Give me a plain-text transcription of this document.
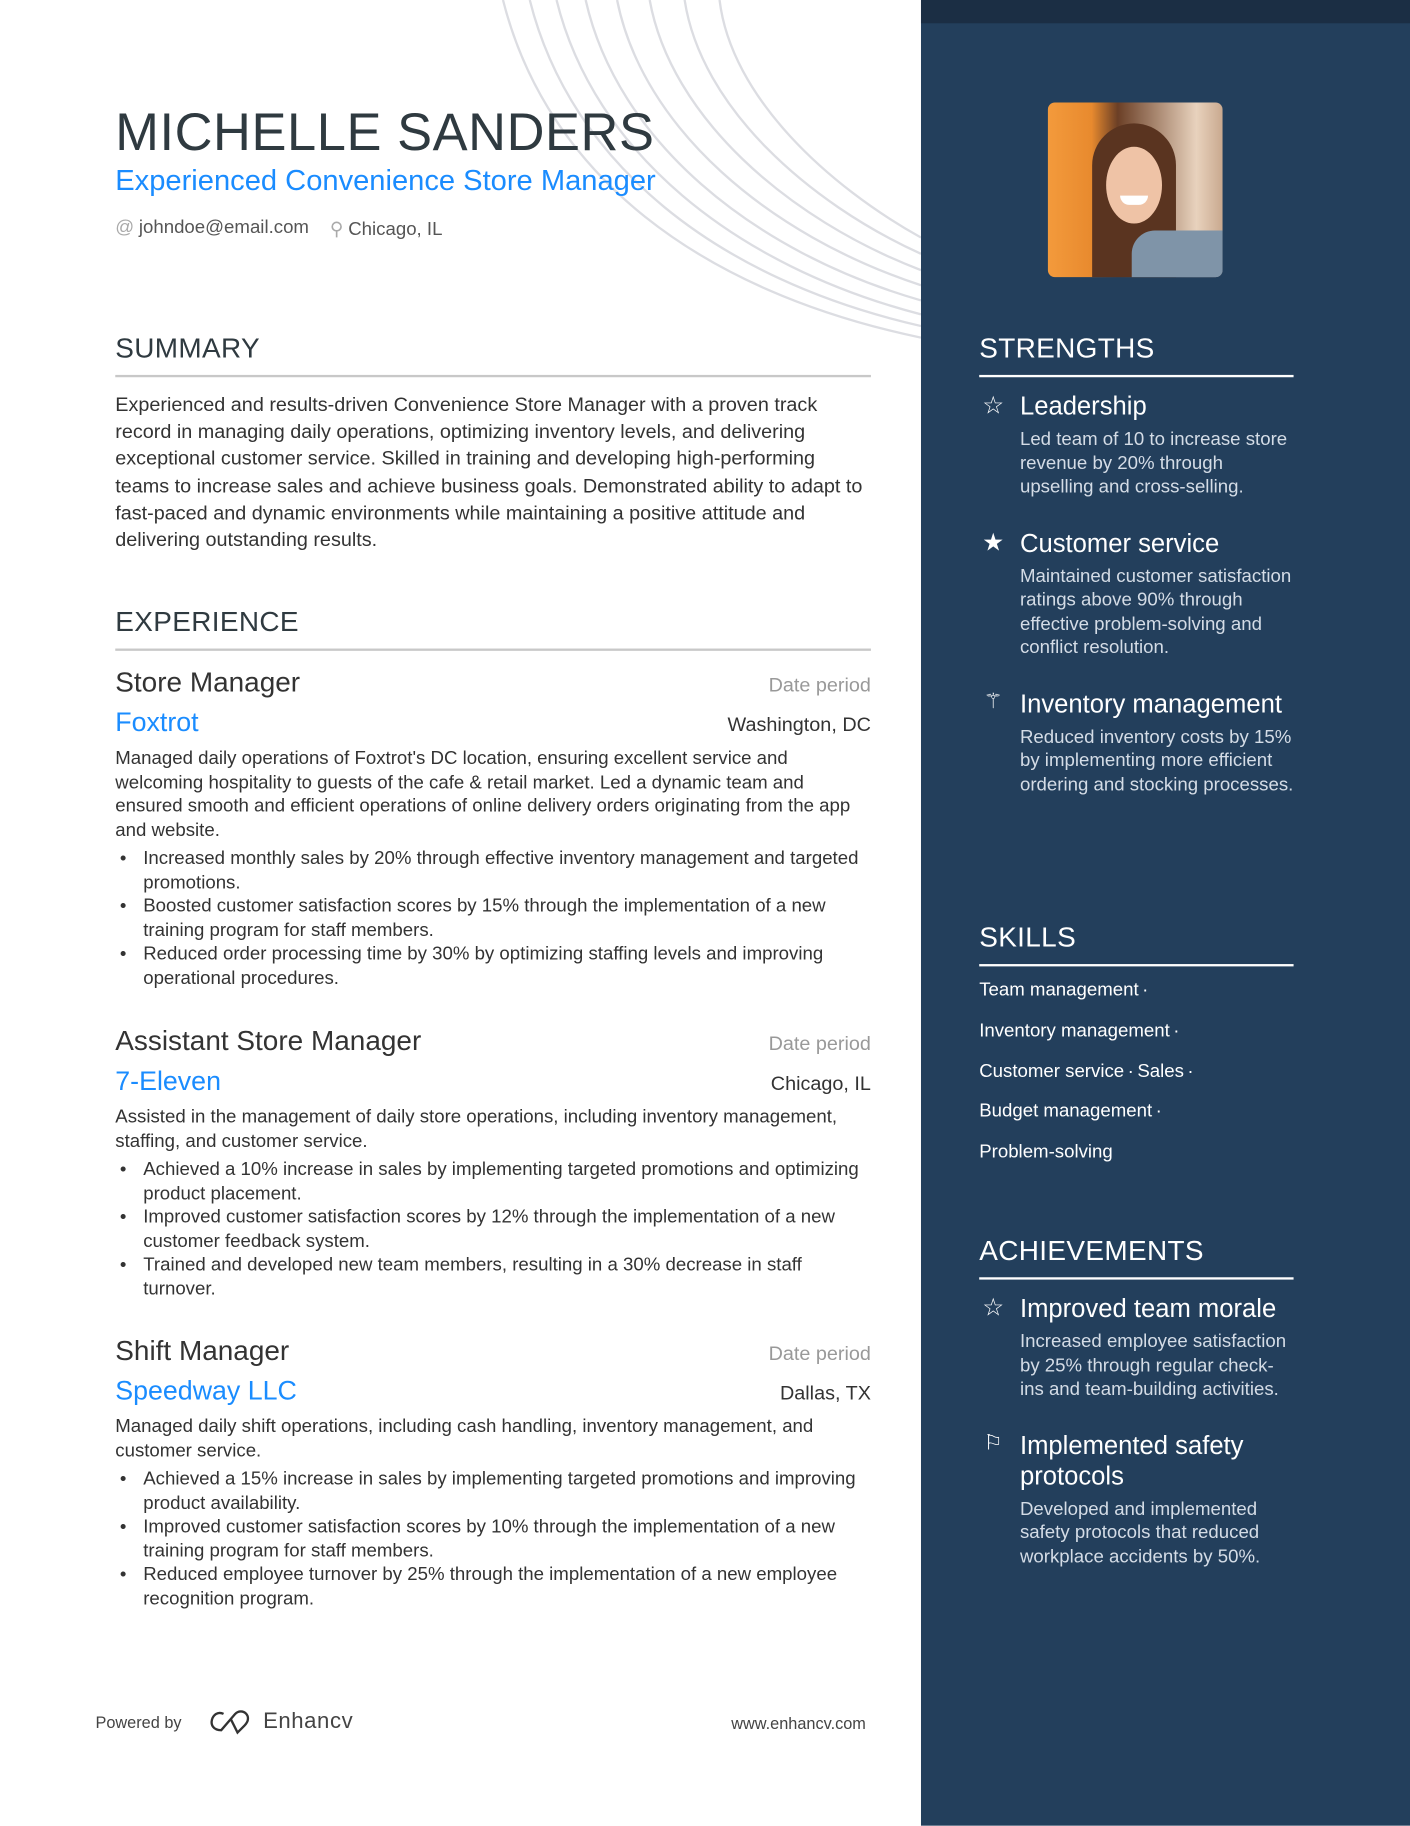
MICHELLE SANDERS
Experienced Convenience Store Manager
@ johndoe@email.com ⚲ Chicago, IL
SUMMARY
Experienced and results-driven Convenience Store Manager with a proven track record in managing daily operations, optimizing inventory levels, and delivering exceptional customer service. Skilled in training and developing high-performing teams to increase sales and achieve business goals. Demonstrated ability to adapt to fast-paced and dynamic environments while maintaining a positive attitude and delivering outstanding results.
EXPERIENCE
Store Manager	Date period
Foxtrot	Washington, DC
Managed daily operations of Foxtrot's DC location, ensuring excellent service and welcoming hospitality to guests of the cafe & retail market. Led a dynamic team and ensured smooth and efficient operations of online delivery orders originating from the app and website.
• Increased monthly sales by 20% through effective inventory management and targeted promotions.
• Boosted customer satisfaction scores by 15% through the implementation of a new training program for staff members.
• Reduced order processing time by 30% by optimizing staffing levels and improving operational procedures.
Assistant Store Manager	Date period
7-Eleven	Chicago, IL
Assisted in the management of daily store operations, including inventory management, staffing, and customer service.
• Achieved a 10% increase in sales by implementing targeted promotions and optimizing product placement.
• Improved customer satisfaction scores by 12% through the implementation of a new customer feedback system.
• Trained and developed new team members, resulting in a 30% decrease in staff turnover.
Shift Manager	Date period
Speedway LLC	Dallas, TX
Managed daily shift operations, including cash handling, inventory management, and customer service.
• Achieved a 15% increase in sales by implementing targeted promotions and improving product availability.
• Improved customer satisfaction scores by 10% through the implementation of a new training program for staff members.
• Reduced employee turnover by 25% through the implementation of a new employee recognition program.
Powered by	Enhancv	www.enhancv.com
STRENGTHS
☆ Leadership
Led team of 10 to increase store revenue by 20% through upselling and cross-selling.
★ Customer service
Maintained customer satisfaction ratings above 90% through effective problem-solving and conflict resolution.
⚚ Inventory management
Reduced inventory costs by 15% by implementing more efficient ordering and stocking processes.
SKILLS
Team management ·
Inventory management ·
Customer service · Sales ·
Budget management ·
Problem-solving
ACHIEVEMENTS
☆ Improved team morale
Increased employee satisfaction by 25% through regular check-ins and team-building activities.
⚐ Implemented safety protocols
Developed and implemented safety protocols that reduced workplace accidents by 50%.
